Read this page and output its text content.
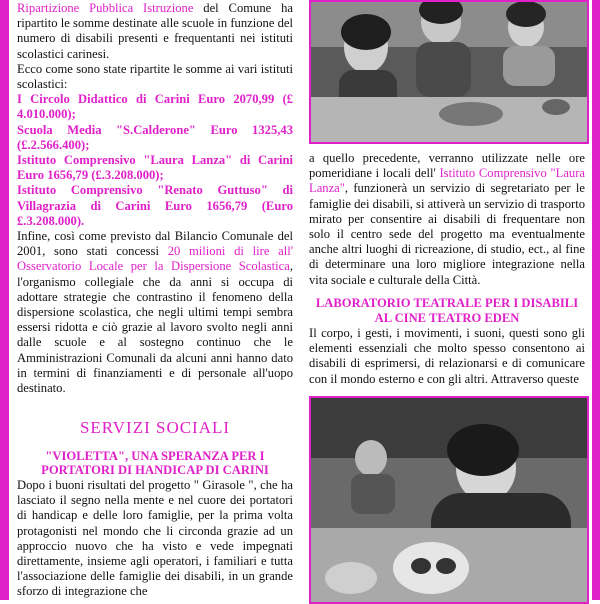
Ripartizione Pubblica Istruzione del Comune ha ripartito le somme destinate alle scuole in funzione del numero di disabili presenti e frequentanti nei istituti scolastici carinesi.

Ecco come sono state ripartite le somme ai vari istituti scolastici:

I Circolo Didattico di Carini Euro 2070,99 (£ 4.010.000);

Scuola Media "S.Calderone" Euro 1325,43 (£.2.566.400);

Istituto Comprensivo "Laura Lanza" di Carini Euro 1656,79 (£.3.208.000);

Istituto Comprensivo "Renato Guttuso" di Villagrazia di Carini Euro 1656,79 (Euro £.3.208.000).

Infine, così come previsto dal Bilancio Comunale del 2001, sono stati concessi 20 milioni di lire all' Osservatorio Locale per la Dispersione Scolastica, l'organismo collegiale che da anni si occupa di adottare strategie che contrastino il fenomeno della dispersione scolastica, che negli ultimi tempi sembra essersi ridotta e ciò grazie al lavoro svolto negli anni dalle scuole e al sostegno continuo che le Amministrazioni Comunali da alcuni anni hanno dato in termini di finanziamenti e di personale all'uopo destinato.

SERVIZI SOCIALI
"VIOLETTA", UNA SPERANZA PER I PORTATORI DI HANDICAP DI CARINI

Dopo i buoni risultati del progetto " Girasole ", che ha lasciato il segno nella mente e nel cuore dei portatori di handicap e delle loro famiglie, per la prima volta protagonisti nel mondo che li circonda grazie ad un approccio nuovo che ha visto e vede impegnati direttamente, insieme agli operatori, i familiari e tutta l'associazione delle famiglie dei disabili, in un grande sforzo di integrazione che

a quello precedente, verranno utilizzate nelle ore pomeridiane i locali dell' Istituto Comprensivo "Laura Lanza", funzionerà un servizio di segretariato per le famiglie dei disabili, si attiverà un servizio di trasporto mirato per consentire ai disabili di frequentare non solo il centro sede del progetto ma eventualmente anche altri luoghi di ricreazione, di studio, ect., al fine di determinare una loro migliore integrazione nella vita sociale e culturale della Città.

LABORATORIO TEATRALE PER I DISABILI AL CINE TEATRO EDEN

Il corpo, i gesti, i movimenti, i suoni, questi sono gli elementi essenziali che molto spesso consentono ai disabili di esprimersi, di relazionarsi e di comunicare con il mondo esterno e con gli altri. Attraverso queste
